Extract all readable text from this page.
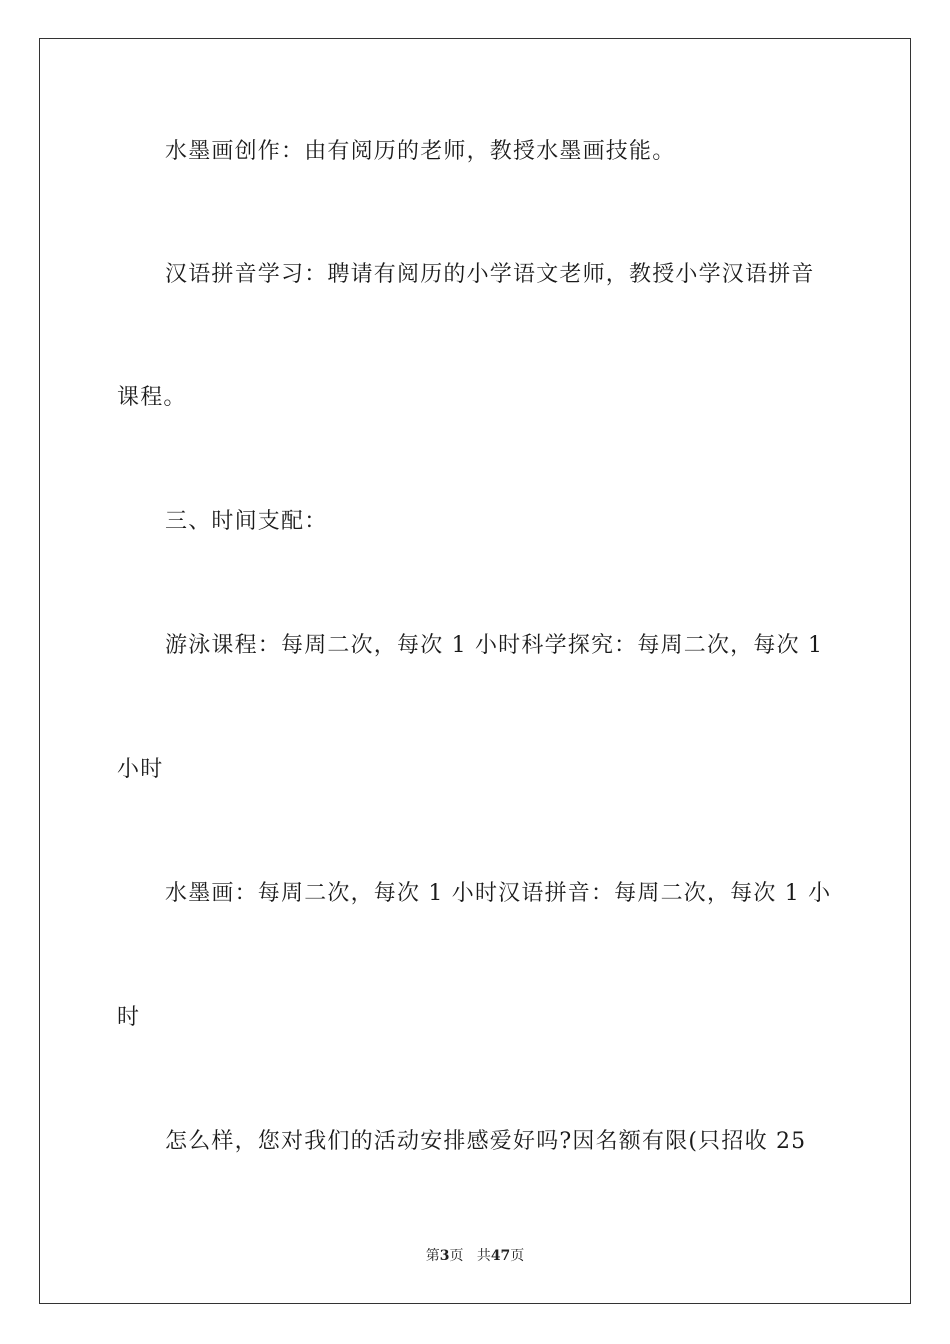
水墨画创作：由有阅历的老师，教授水墨画技能。
汉语拼音学习：聘请有阅历的小学语文老师，教授小学汉语拼音
课程。
三、时间支配：
游泳课程：每周二次，每次 1 小时科学探究：每周二次，每次 1
小时
水墨画：每周二次，每次 1 小时汉语拼音：每周二次，每次 1 小
时
怎么样，您对我们的活动安排感爱好吗?因名额有限(只招收 25
第3页 共47页
